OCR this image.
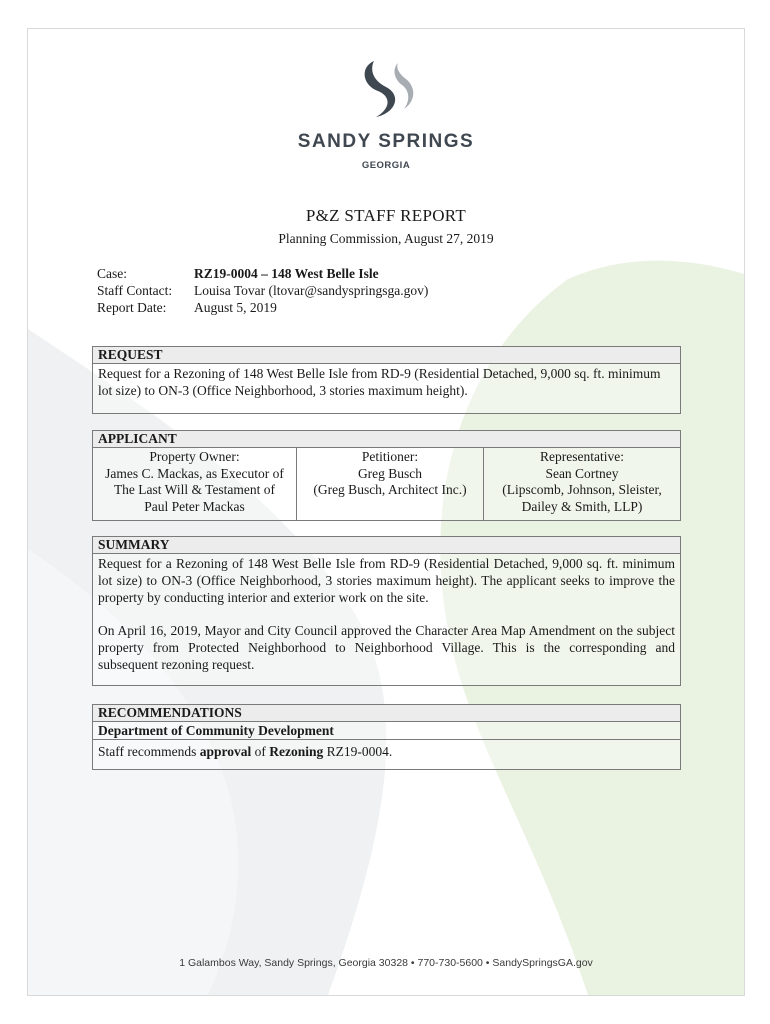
SANDY SPRINGS
GEORGIA
P&Z STAFF REPORT
Planning Commission, August 27, 2019
Case:	RZ19-0004 – 148 West Belle Isle
Staff Contact:	Louisa Tovar (ltovar@sandyspringsga.gov)
Report Date:	August 5, 2019
REQUEST
Request for a Rezoning of 148 West Belle Isle from RD-9 (Residential Detached, 9,000 sq. ft. minimum lot size) to ON-3 (Office Neighborhood, 3 stories maximum height).
APPLICANT
Property Owner:
James C. Mackas, as Executor of
The Last Will & Testament of
Paul Peter Mackas
Petitioner:
Greg Busch
(Greg Busch, Architect Inc.)
Representative:
Sean Cortney
(Lipscomb, Johnson, Sleister,
Dailey & Smith, LLP)
SUMMARY

Request for a Rezoning of 148 West Belle Isle from RD-9 (Residential Detached, 9,000 sq. ft. minimum lot size) to ON-3 (Office Neighborhood, 3 stories maximum height). The applicant seeks to improve the property by conducting interior and exterior work on the site.

On April 16, 2019, Mayor and City Council approved the Character Area Map Amendment on the subject property from Protected Neighborhood to Neighborhood Village. This is the corresponding and subsequent rezoning request.

RECOMMENDATIONS
Department of Community Development
Staff recommends approval of Rezoning RZ19-0004.
1 Galambos Way, Sandy Springs, Georgia 30328 • 770-730-5600 • SandySpringsGA.gov
